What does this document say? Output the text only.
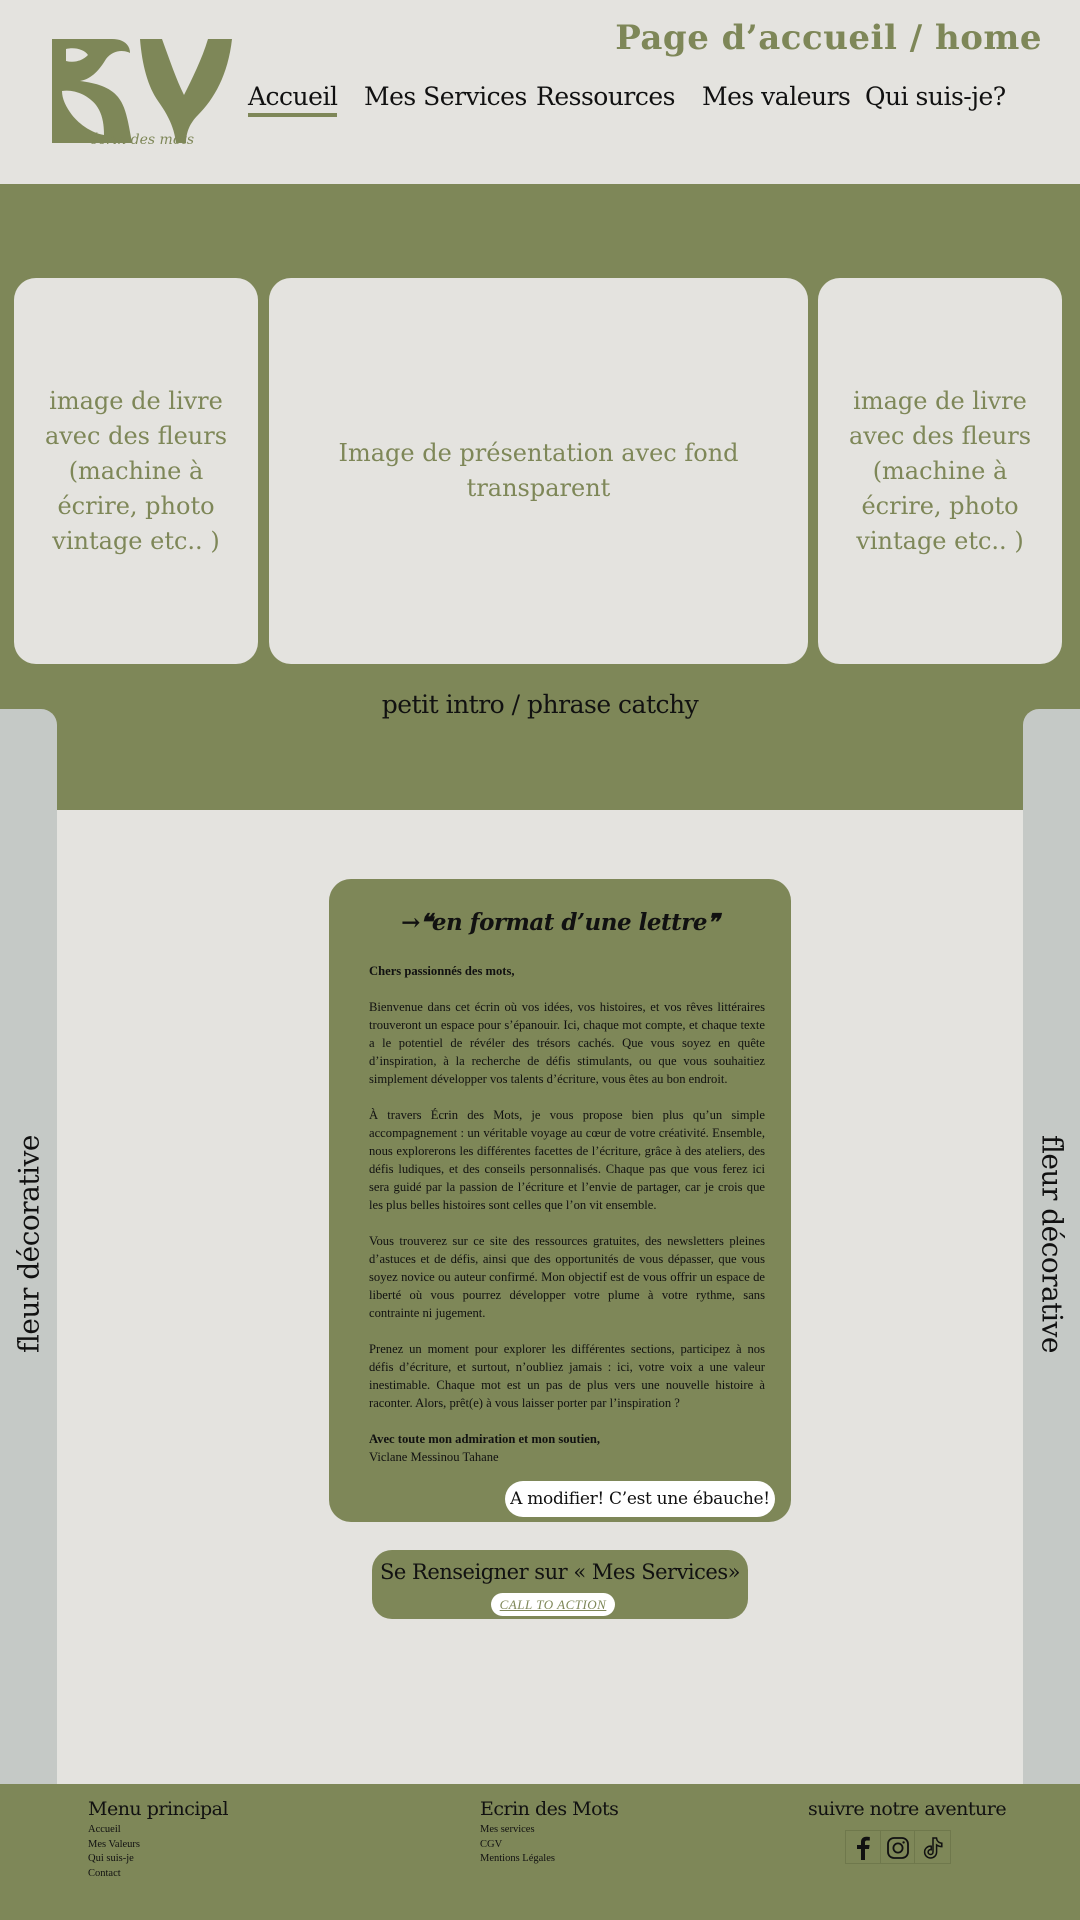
écrin des mots
Page d’accueil / home
Accueil Mes Services Ressources Mes valeurs Qui suis-je?
image de livre avec des fleurs (machine à écrire, photo vintage etc.. )
Image de présentation avec fond transparent
image de livre avec des fleurs (machine à écrire, photo vintage etc.. )
petit intro / phrase catchy
fleur décorative	fleur décorative
→❝en format d’une lettre❞

Chers passionnés des mots,

Bienvenue dans cet écrin où vos idées, vos histoires, et vos rêves littéraires trouveront un espace pour s’épanouir. Ici, chaque mot compte, et chaque texte a le potentiel de révéler des trésors cachés. Que vous soyez en quête d’inspiration, à la recherche de défis stimulants, ou que vous souhaitiez simplement développer vos talents d’écriture, vous êtes au bon endroit.

À travers Écrin des Mots, je vous propose bien plus qu’un simple accompagnement : un véritable voyage au cœur de votre créativité. Ensemble, nous explorerons les différentes facettes de l’écriture, grâce à des ateliers, des défis ludiques, et des conseils personnalisés. Chaque pas que vous ferez ici sera guidé par la passion de l’écriture et l’envie de partager, car je crois que les plus belles histoires sont celles que l’on vit ensemble.

Vous trouverez sur ce site des ressources gratuites, des newsletters pleines d’astuces et de défis, ainsi que des opportunités de vous dépasser, que vous soyez novice ou auteur confirmé. Mon objectif est de vous offrir un espace de liberté où vous pourrez développer votre plume à votre rythme, sans contrainte ni jugement.

Prenez un moment pour explorer les différentes sections, participez à nos défis d’écriture, et surtout, n’oubliez jamais : ici, votre voix a une valeur inestimable. Chaque mot est un pas de plus vers une nouvelle histoire à raconter. Alors, prêt(e) à vous laisser porter par l’inspiration ?

Avec toute mon admiration et mon soutien,

Viclane Messinou Tahane

A modifier! C’est une ébauche!
Se Renseigner sur « Mes Services»
CALL TO ACTION
Menu principal
Accueil
Mes Valeurs
Qui suis-je
Contact
Ecrin des Mots
Mes services
CGV
Mentions Légales
suivre notre aventure
